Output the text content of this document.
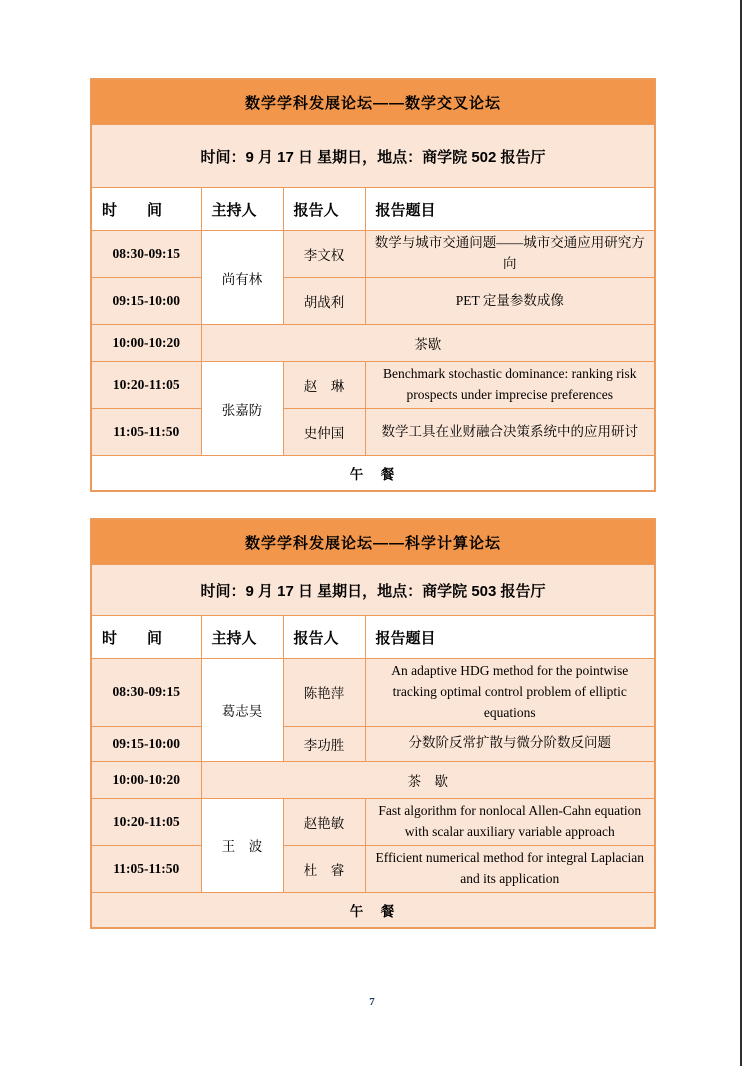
数学学科发展论坛——数学交叉论坛			
时间：9 月 17 日 星期日，地点：商学院 502 报告厅			
时　　间	主持人	报告人	报告题目
08:30-09:15	尚有林	李文权	数学与城市交通问题——城市交通应用研究方向
09:15-10:00		胡战利	PET 定量参数成像
10:00-10:20	茶歇		
10:20-11:05	张嘉防	赵　琳	Benchmark stochastic dominance: ranking risk prospects under imprecise preferences
11:05-11:50		史仲国	数学工具在业财融合决策系统中的应用研讨
午　餐			
数学学科发展论坛——科学计算论坛			
时间：9 月 17 日 星期日，地点：商学院 503 报告厅			
时　　间	主持人	报告人	报告题目
08:30-09:15	葛志昊	陈艳萍	An adaptive HDG method for the pointwise tracking optimal control problem of elliptic equations
09:15-10:00		李功胜	分数阶反常扩散与微分阶数反问题
10:00-10:20	茶　歇		
10:20-11:05	王　波	赵艳敏	Fast algorithm for nonlocal Allen-Cahn equation with scalar auxiliary variable approach
11:05-11:50		杜　睿	Efficient numerical method for integral Laplacian and its application
午　餐			
7
